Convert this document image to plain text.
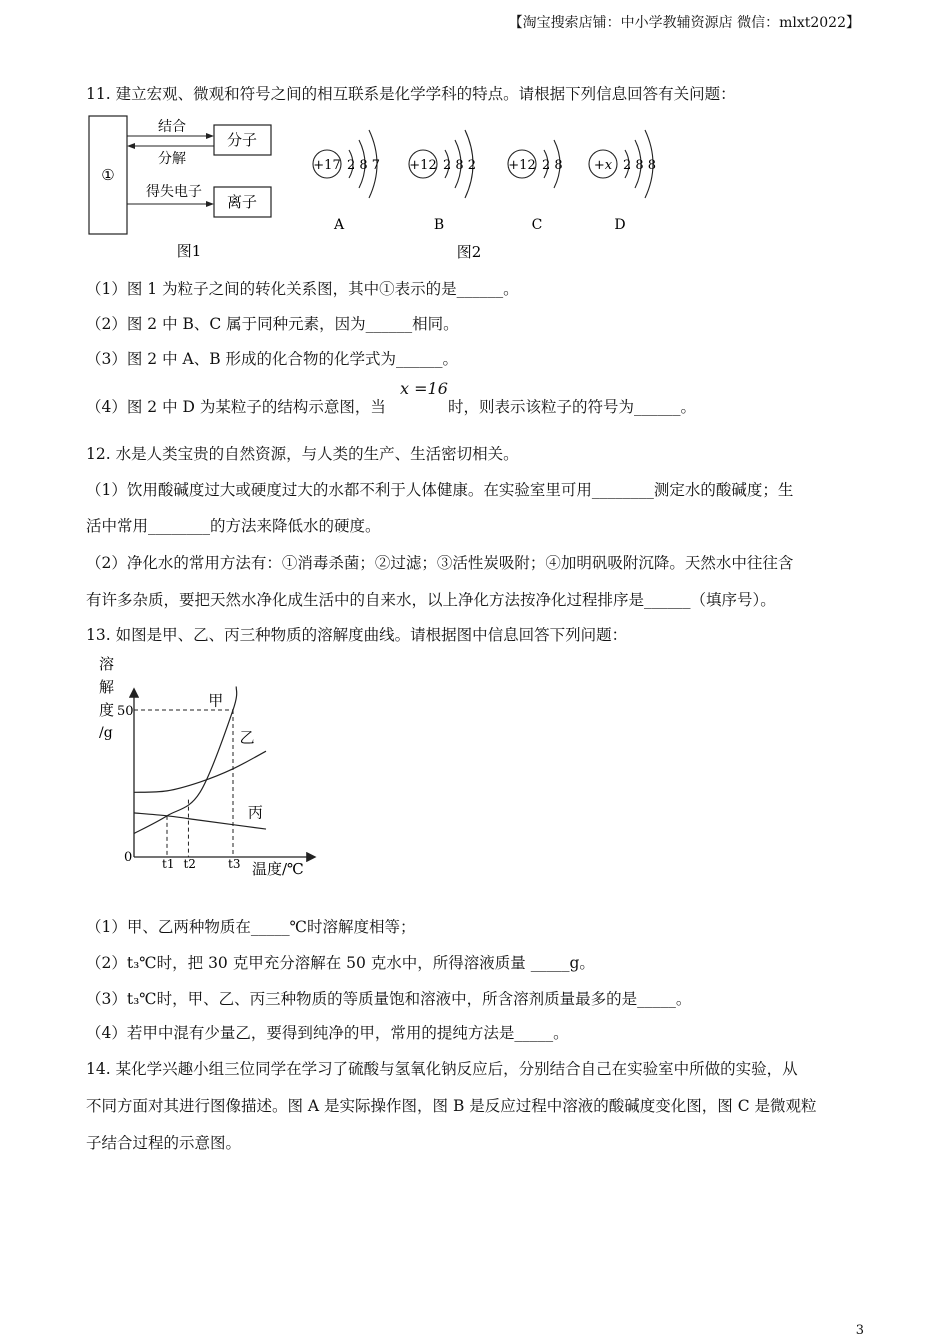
【淘宝搜索店铺：中小学教辅资源店 微信：mlxt2022】
11. 建立宏观、微观和符号之间的相互联系是化学学科的特点。请根据下列信息回答有关问题：
①
分子
离子
结合
分解
得失电子
图1
+17 2 8 7
A
+12 2 8 2
B
+12 2 8
C
+x 2 8 8
D
图2
（1）图 1 为粒子之间的转化关系图，其中①表示的是______。
（2）图 2 中 B、C 属于同种元素，因为______相同。
（3）图 2 中 A、B 形成的化合物的化学式为______。
（4）图 2 中 D 为某粒子的结构示意图，当
x =16
时，则表示该粒子的符号为______。
12. 水是人类宝贵的自然资源，与人类的生产、生活密切相关。
（1）饮用酸碱度过大或硬度过大的水都不利于人体健康。在实验室里可用________测定水的酸碱度；生
活中常用________的方法来降低水的硬度。
（2）净化水的常用方法有：①消毒杀菌；②过滤；③活性炭吸附；④加明矾吸附沉降。天然水中往往含
有许多杂质，要把天然水净化成生活中的自来水，以上净化方法按净化过程排序是______（填序号）。
13. 如图是甲、乙、丙三种物质的溶解度曲线。请根据图中信息回答下列问题：
溶
解
度
/g
0
温度/℃
甲
乙
丙
50
t1 t2	t3
（1）甲、乙两种物质在_____℃时溶解度相等；
（2）t₃℃时，把 30 克甲充分溶解在 50 克水中，所得溶液质量 _____g。
（3）t₃℃时，甲、乙、丙三种物质的等质量饱和溶液中，所含溶剂质量最多的是_____。
（4）若甲中混有少量乙，要得到纯净的甲，常用的提纯方法是_____。
14. 某化学兴趣小组三位同学在学习了硫酸与氢氧化钠反应后，分别结合自己在实验室中所做的实验，从
不同方面对其进行图像描述。图 A 是实际操作图，图 B 是反应过程中溶液的酸碱度变化图，图 C 是微观粒
子结合过程的示意图。
3
